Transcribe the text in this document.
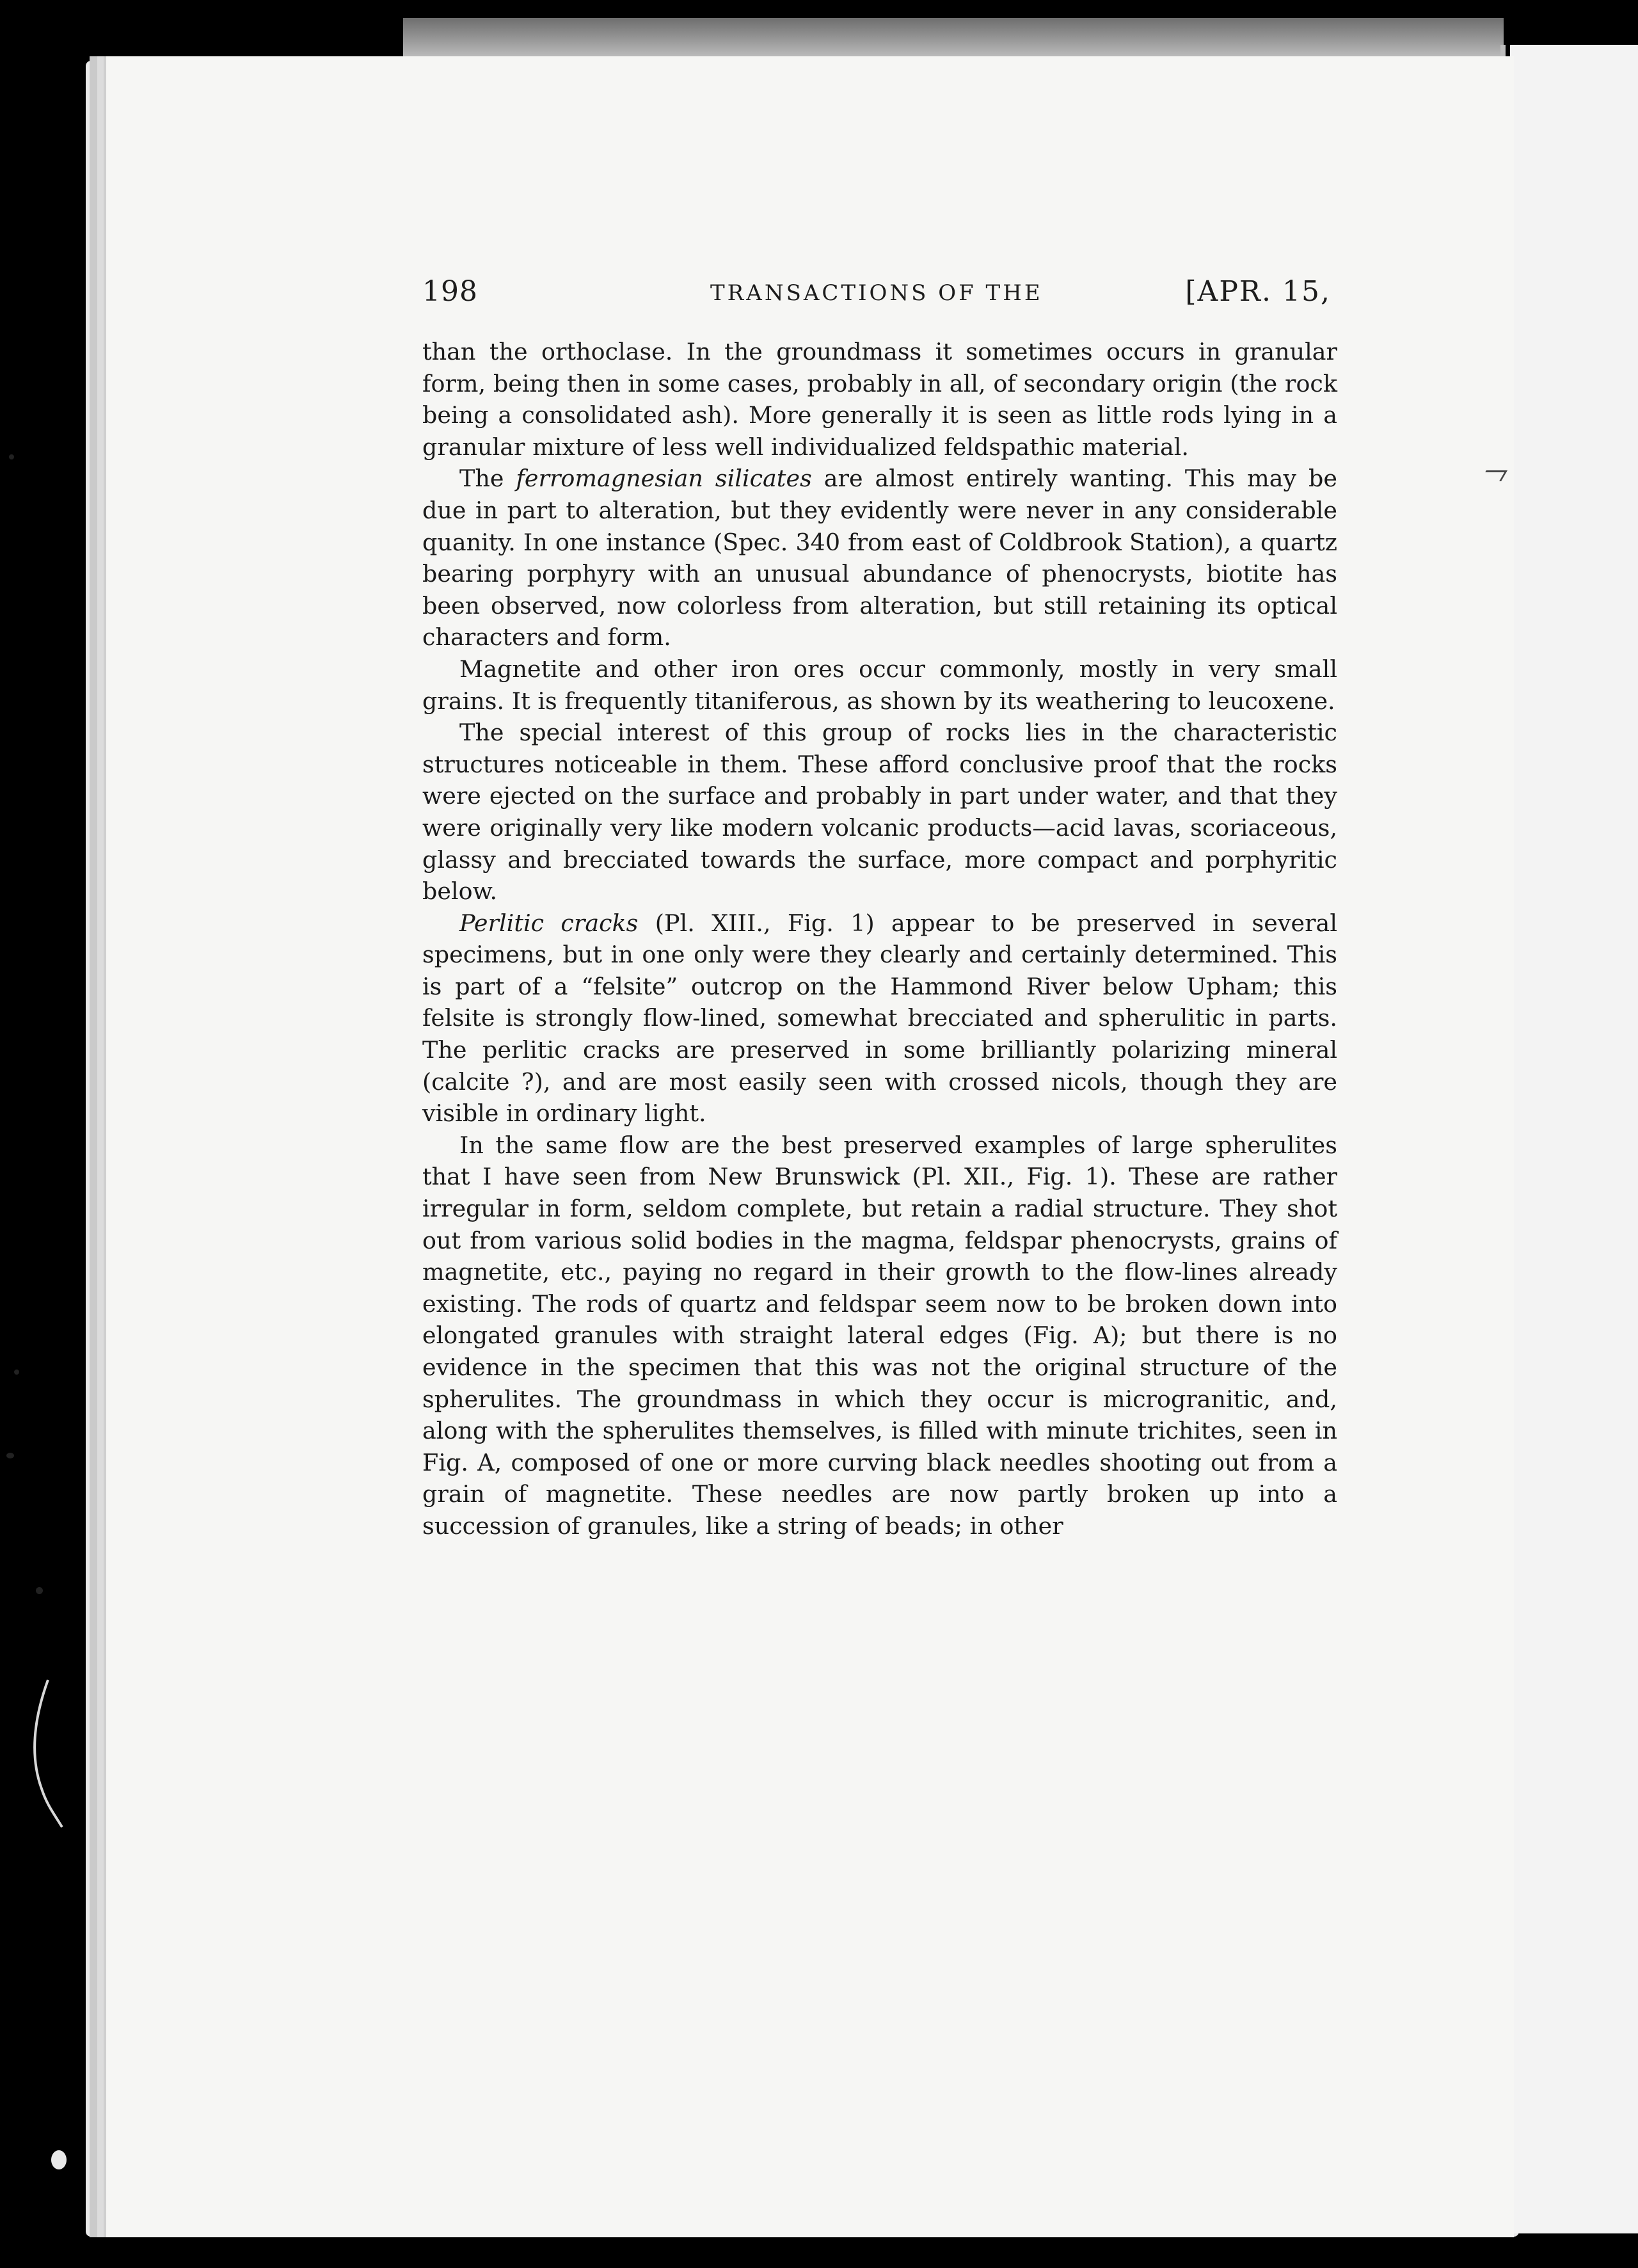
198	TRANSACTIONS OF THE	[APR. 15,

than the orthoclase. In the groundmass it sometimes occurs in granular form, being then in some cases, probably in all, of secondary origin (the rock being a consolidated ash). More generally it is seen as little rods lying in a granular mixture of less well individualized feldspathic material.

The ferromagnesian silicates are almost entirely wanting. This may be due in part to alteration, but they evidently were never in any considerable quanity. In one instance (Spec. 340 from east of Coldbrook Station), a quartz bearing porphyry with an unusual abundance of phenocrysts, biotite has been observed, now colorless from alteration, but still retaining its optical characters and form.

Magnetite and other iron ores occur commonly, mostly in very small grains. It is frequently titaniferous, as shown by its weathering to leucoxene.

The special interest of this group of rocks lies in the characteristic structures noticeable in them. These afford conclusive proof that the rocks were ejected on the surface and probably in part under water, and that they were originally very like modern volcanic products—acid lavas, scoriaceous, glassy and brecciated towards the surface, more compact and porphyritic below.

Perlitic cracks (Pl. XIII., Fig. 1) appear to be preserved in several specimens, but in one only were they clearly and certainly determined. This is part of a “felsite” outcrop on the Hammond River below Upham; this felsite is strongly flow-lined, somewhat brecciated and spherulitic in parts. The perlitic cracks are preserved in some brilliantly polarizing mineral (calcite ?), and are most easily seen with crossed nicols, though they are visible in ordinary light.

In the same flow are the best preserved examples of large spherulites that I have seen from New Brunswick (Pl. XII., Fig. 1). These are rather irregular in form, seldom complete, but retain a radial structure. They shot out from various solid bodies in the magma, feldspar phenocrysts, grains of magnetite, etc., paying no regard in their growth to the flow-lines already existing. The rods of quartz and feldspar seem now to be broken down into elongated granules with straight lateral edges (Fig. A); but there is no evidence in the specimen that this was not the original structure of the spherulites. The groundmass in which they occur is microgranitic, and, along with the spherulites themselves, is filled with minute trichites, seen in Fig. A, composed of one or more curving black needles shooting out from a grain of magnetite. These needles are now partly broken up into a succession of granules, like a string of beads; in other
